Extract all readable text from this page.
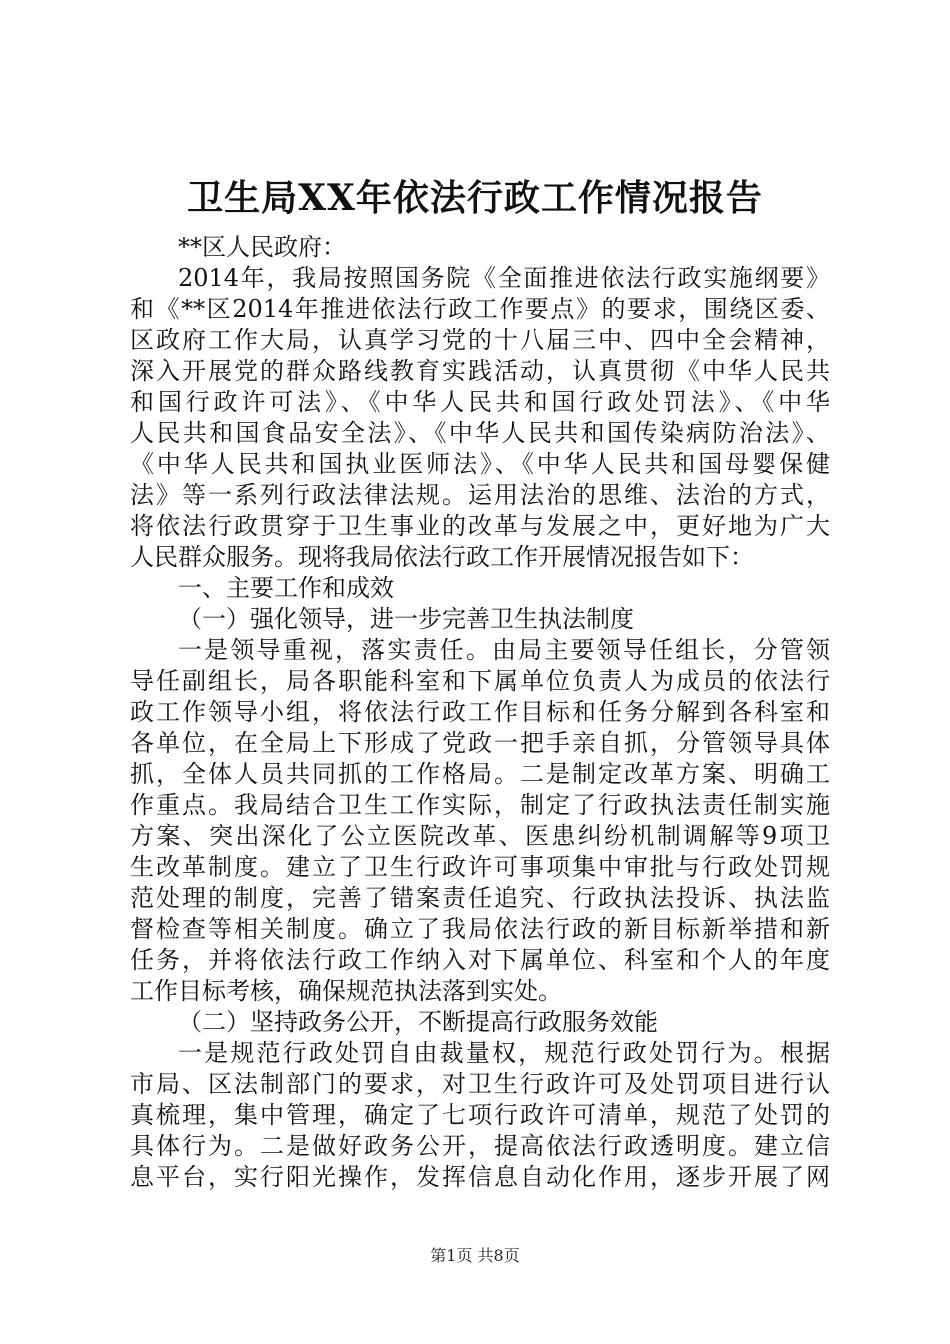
卫生局XX年依法行政工作情况报告
**区人民政府：
2014年，我局按照国务院《全面推进依法行政实施纲要》
和《**区2014年推进依法行政工作要点》的要求，围绕区委、
区政府工作大局，认真学习党的十八届三中、四中全会精神，
深入开展党的群众路线教育实践活动，认真贯彻《中华人民共
和国行政许可法》、《中华人民共和国行政处罚法》、《中华
人民共和国食品安全法》、《中华人民共和国传染病防治法》、
《中华人民共和国执业医师法》、《中华人民共和国母婴保健
法》等一系列行政法律法规。运用法治的思维、法治的方式，
将依法行政贯穿于卫生事业的改革与发展之中，更好地为广大
人民群众服务。现将我局依法行政工作开展情况报告如下：
一、主要工作和成效
（一）强化领导，进一步完善卫生执法制度
一是领导重视，落实责任。由局主要领导任组长，分管领
导任副组长，局各职能科室和下属单位负责人为成员的依法行
政工作领导小组，将依法行政工作目标和任务分解到各科室和
各单位，在全局上下形成了党政一把手亲自抓，分管领导具体
抓，全体人员共同抓的工作格局。二是制定改革方案、明确工
作重点。我局结合卫生工作实际，制定了行政执法责任制实施
方案、突出深化了公立医院改革、医患纠纷机制调解等9项卫
生改革制度。建立了卫生行政许可事项集中审批与行政处罚规
范处理的制度，完善了错案责任追究、行政执法投诉、执法监
督检查等相关制度。确立了我局依法行政的新目标新举措和新
任务，并将依法行政工作纳入对下属单位、科室和个人的年度
工作目标考核，确保规范执法落到实处。
（二）坚持政务公开，不断提高行政服务效能
一是规范行政处罚自由裁量权，规范行政处罚行为。根据
市局、区法制部门的要求，对卫生行政许可及处罚项目进行认
真梳理，集中管理，确定了七项行政许可清单，规范了处罚的
具体行为。二是做好政务公开，提高依法行政透明度。建立信
息平台，实行阳光操作，发挥信息自动化作用，逐步开展了网
第1页 共8页
